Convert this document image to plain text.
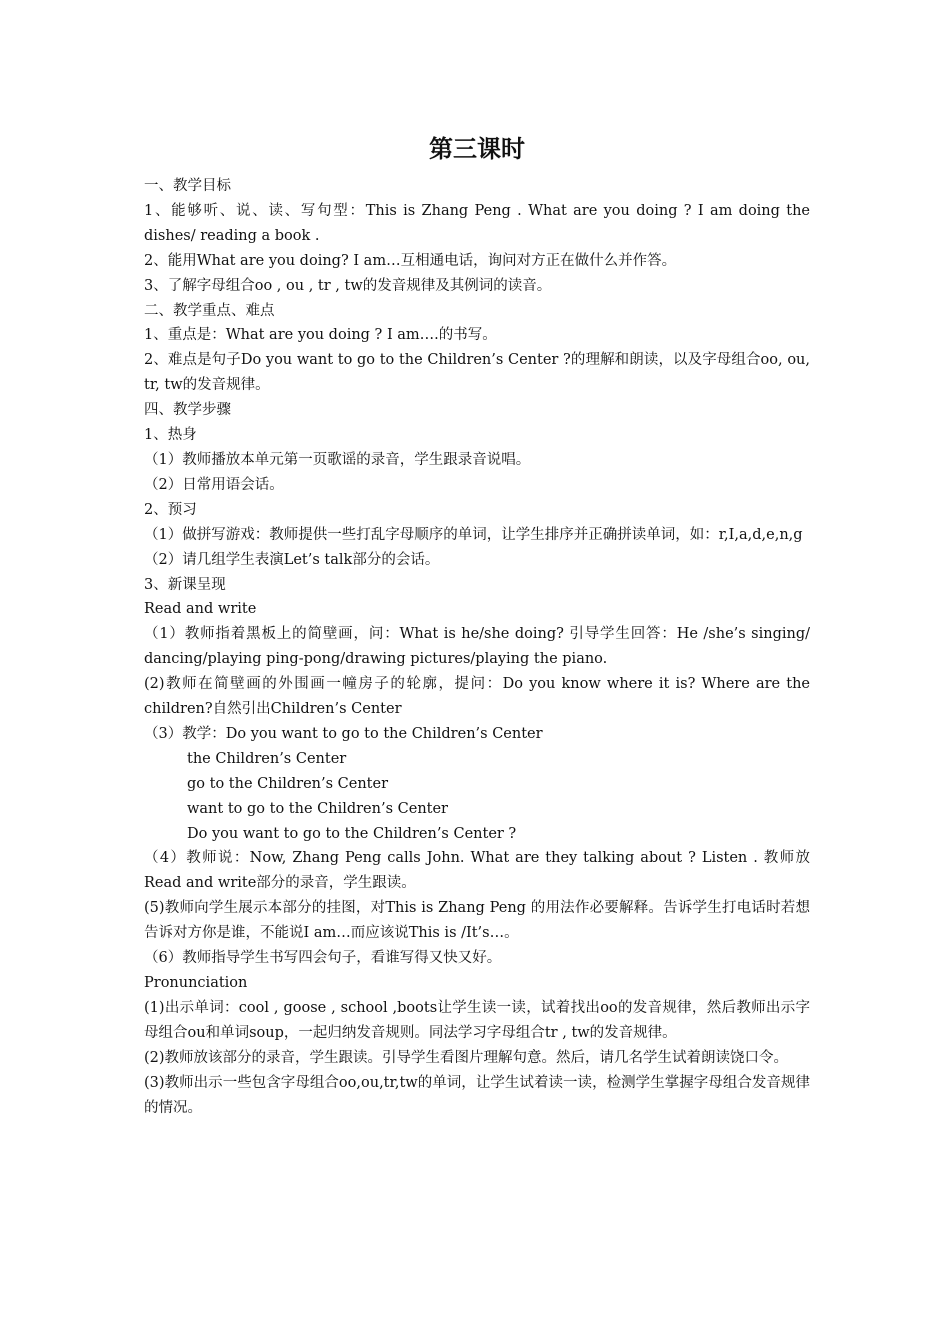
第三课时

一、教学目标

1、能够听、说、读、写句型：This is Zhang Peng . What are you doing ? I am doing the dishes/ reading a book .

2、能用What are you doing? I am…互相通电话，询问对方正在做什么并作答。

3、了解字母组合oo , ou , tr , tw的发音规律及其例词的读音。

二、教学重点、难点

1、重点是：What are you doing ? I am….的书写。

2、难点是句子Do you want to go to the Children’s Center ?的理解和朗读，以及字母组合oo, ou, tr, tw的发音规律。

四、教学步骤

1、热身

（1）教师播放本单元第一页歌谣的录音，学生跟录音说唱。

（2）日常用语会话。

2、预习

（1）做拼写游戏：教师提供一些打乱字母顺序的单词，让学生排序并正确拼读单词，如：r,I,a,d,e,n,g

（2）请几组学生表演Let’s talk部分的会话。

3、新课呈现

Read and write

（1）教师指着黑板上的简壁画，问：What is he/she doing? 引导学生回答：He /she’s singing/ dancing/playing ping-pong/drawing pictures/playing the piano.

(2)教师在简壁画的外围画一幢房子的轮廓，提问：Do you know where it is? Where are the children?自然引出Children’s Center

（3）教学：Do you want to go to the Children’s Center

the Children’s Center

go to the Children’s Center

want to go to the Children’s Center

Do you want to go to the Children’s Center ?

（4）教师说：Now, Zhang Peng calls John. What are they talking about ? Listen . 教师放Read and write部分的录音，学生跟读。

(5)教师向学生展示本部分的挂图，对This is Zhang Peng 的用法作必要解释。告诉学生打电话时若想告诉对方你是谁，不能说I am…而应该说This is /It’s…。

（6）教师指导学生书写四会句子，看谁写得又快又好。

Pronunciation

(1)出示单词：cool , goose , school ,boots让学生读一读，试着找出oo的发音规律，然后教师出示字母组合ou和单词soup，一起归纳发音规则。同法学习字母组合tr , tw的发音规律。

(2)教师放该部分的录音，学生跟读。引导学生看图片理解句意。然后，请几名学生试着朗读饶口令。

(3)教师出示一些包含字母组合oo,ou,tr,tw的单词，让学生试着读一读，检测学生掌握字母组合发音规律的情况。
